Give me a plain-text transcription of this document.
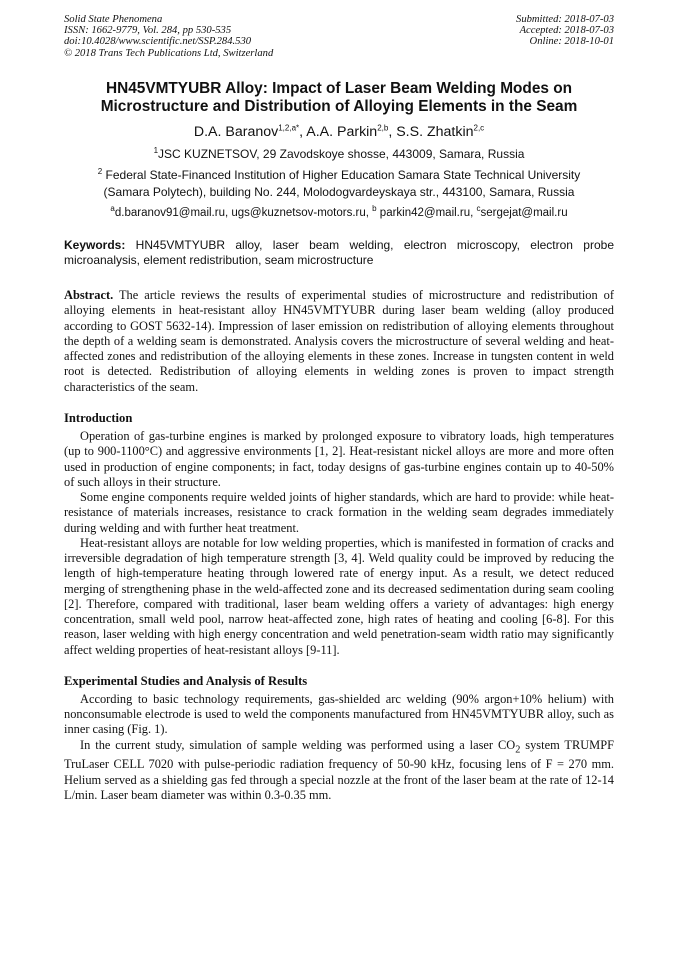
Solid State Phenomena
ISSN: 1662-9779, Vol. 284, pp 530-535
doi:10.4028/www.scientific.net/SSP.284.530
© 2018 Trans Tech Publications Ltd, Switzerland
Submitted: 2018-07-03
Accepted: 2018-07-03
Online: 2018-10-01
HN45VMTYUBR Alloy: Impact of Laser Beam Welding Modes on
Microstructure and Distribution of Alloying Elements in the Seam
D.A. Baranov$^{1,2,a*}$, A.A. Parkin$^{2,b}$, S.S. Zhatkin$^{2,c}$
$^1$JSC KUZNETSOV, 29 Zavodskoye shosse, 443009, Samara, Russia
$^2$ Federal State-Financed Institution of Higher Education Samara State Technical University
(Samara Polytech), building No. 244, Molodogvardeyskaya str., 443100, Samara, Russia
$^a$d.baranov91@mail.ru, ugs@kuznetsov-motors.ru, $^b$ parkin42@mail.ru, $^c$sergejat@mail.ru
Keywords: HN45VMTYUBR alloy, laser beam welding, electron microscopy, electron probe microanalysis, element redistribution, seam microstructure
Abstract. The article reviews the results of experimental studies of microstructure and redistribution of alloying elements in heat-resistant alloy HN45VMTYUBR during laser beam welding (alloy produced according to GOST 5632-14). Impression of laser emission on redistribution of alloying elements throughout the depth of a welding seam is demonstrated. Analysis covers the microstructure of several welding and heat-affected zones and redistribution of the alloying elements in these zones. Increase in tungsten content in weld root is detected. Redistribution of alloying elements in welding zones is proven to impact strength characteristics of the seam.
Introduction

Operation of gas-turbine engines is marked by prolonged exposure to vibratory loads, high temperatures (up to 900-1100°C) and aggressive environments [1, 2]. Heat-resistant nickel alloys are more and more often used in production of engine components; in fact, today designs of gas-turbine engines contain up to 40-50% of such alloys in their structure.

Some engine components require welded joints of higher standards, which are hard to provide: while heat-resistance of materials increases, resistance to crack formation in the welding seam degrades immediately during welding and with further heat treatment.

Heat-resistant alloys are notable for low welding properties, which is manifested in formation of cracks and irreversible degradation of high temperature strength [3, 4]. Weld quality could be improved by reducing the length of high-temperature heating through lowered rate of energy input. As a result, we detect reduced merging of strengthening phase in the weld-affected zone and its decreased sedimentation during seam cooling [2]. Therefore, compared with traditional, laser beam welding offers a variety of advantages: high energy concentration, small weld pool, narrow heat-affected zone, high rates of heating and cooling [6-8]. For this reason, laser welding with high energy concentration and weld penetration-seam width ratio may significantly affect welding properties of heat-resistant alloys [9-11].

Experimental Studies and Analysis of Results

According to basic technology requirements, gas-shielded arc welding (90% argon+10% helium) with nonconsumable electrode is used to weld the components manufactured from HN45VMTYUBR alloy, such as inner casing (Fig. 1).

In the current study, simulation of sample welding was performed using a laser $CO_2$ system TRUMPF TruLaser CELL 7020 with pulse-periodic radiation frequency of 50-90 kHz, focusing lens of F = 270 mm. Helium served as a shielding gas fed through a special nozzle at the front of the laser beam at the rate of 12-14 L/min. Laser beam diameter was within 0.3-0.35 mm.
